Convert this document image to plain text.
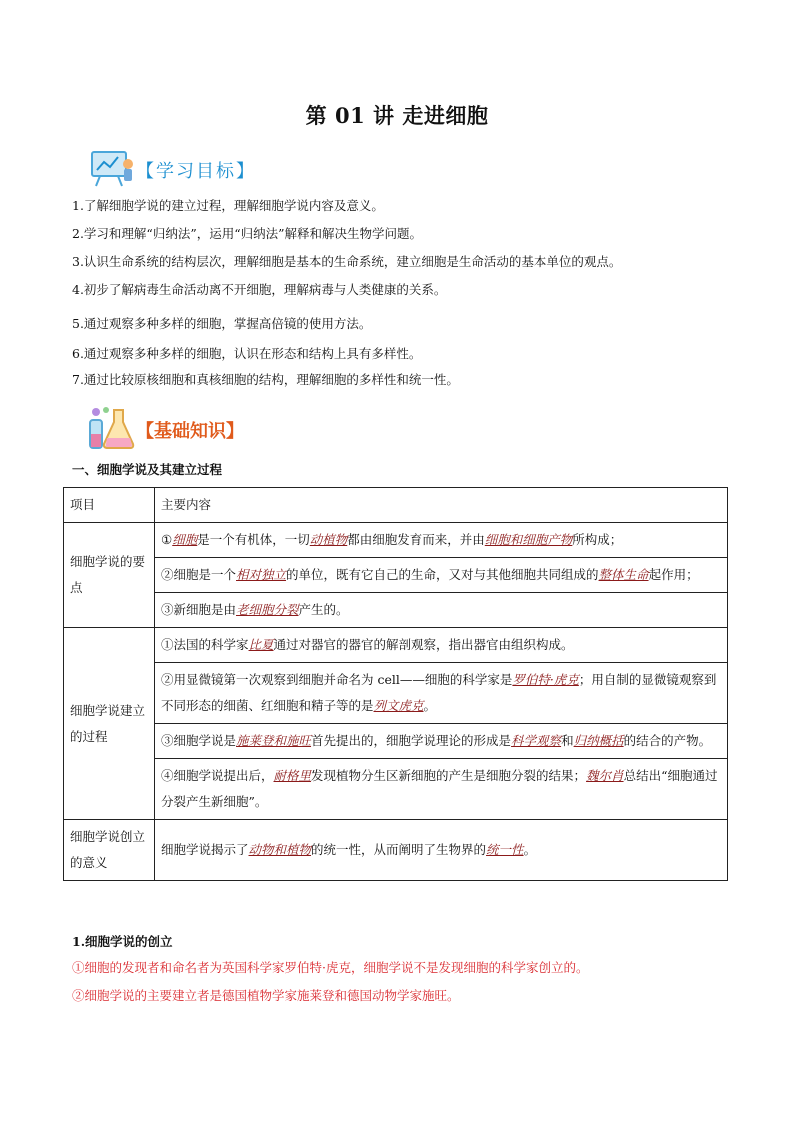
第 01 讲 走进细胞
【学习目标】
1.了解细胞学说的建立过程，理解细胞学说内容及意义。
2.学习和理解“归纳法”，运用“归纳法”解释和解决生物学问题。
3.认识生命系统的结构层次，理解细胞是基本的生命系统，建立细胞是生命活动的基本单位的观点。
4.初步了解病毒生命活动离不开细胞，理解病毒与人类健康的关系。
5.通过观察多种多样的细胞，掌握高倍镜的使用方法。
6.通过观察多种多样的细胞，认识在形态和结构上具有多样性。
7.通过比较原核细胞和真核细胞的结构，理解细胞的多样性和统一性。
【基础知识】
一、细胞学说及其建立过程
项目	主要内容
细胞学说的要点	①细胞是一个有机体，一切动植物都由细胞发育而来，并由细胞和细胞产物所构成；
	②细胞是一个相对独立的单位，既有它自己的生命，又对与其他细胞共同组成的整体生命起作用；
	③新细胞是由老细胞分裂产生的。
细胞学说建立的过程	①法国的科学家比夏通过对器官的器官的解剖观察，指出器官由组织构成。
	②用显微镜第一次观察到细胞并命名为 cell——细胞的科学家是罗伯特·虎克；用自制的显微镜观察到不同形态的细菌、红细胞和精子等的是列文虎克。
	③细胞学说是施莱登和施旺首先提出的，细胞学说理论的形成是科学观察和归纳概括的结合的产物。
	④细胞学说提出后，耐格里发现植物分生区新细胞的产生是细胞分裂的结果；魏尔肖总结出“细胞通过分裂产生新细胞”。
细胞学说创立的意义	细胞学说揭示了动物和植物的统一性，从而阐明了生物界的统一性。
1.细胞学说的创立
①细胞的发现者和命名者为英国科学家罗伯特·虎克，细胞学说不是发现细胞的科学家创立的。
②细胞学说的主要建立者是德国植物学家施莱登和德国动物学家施旺。
